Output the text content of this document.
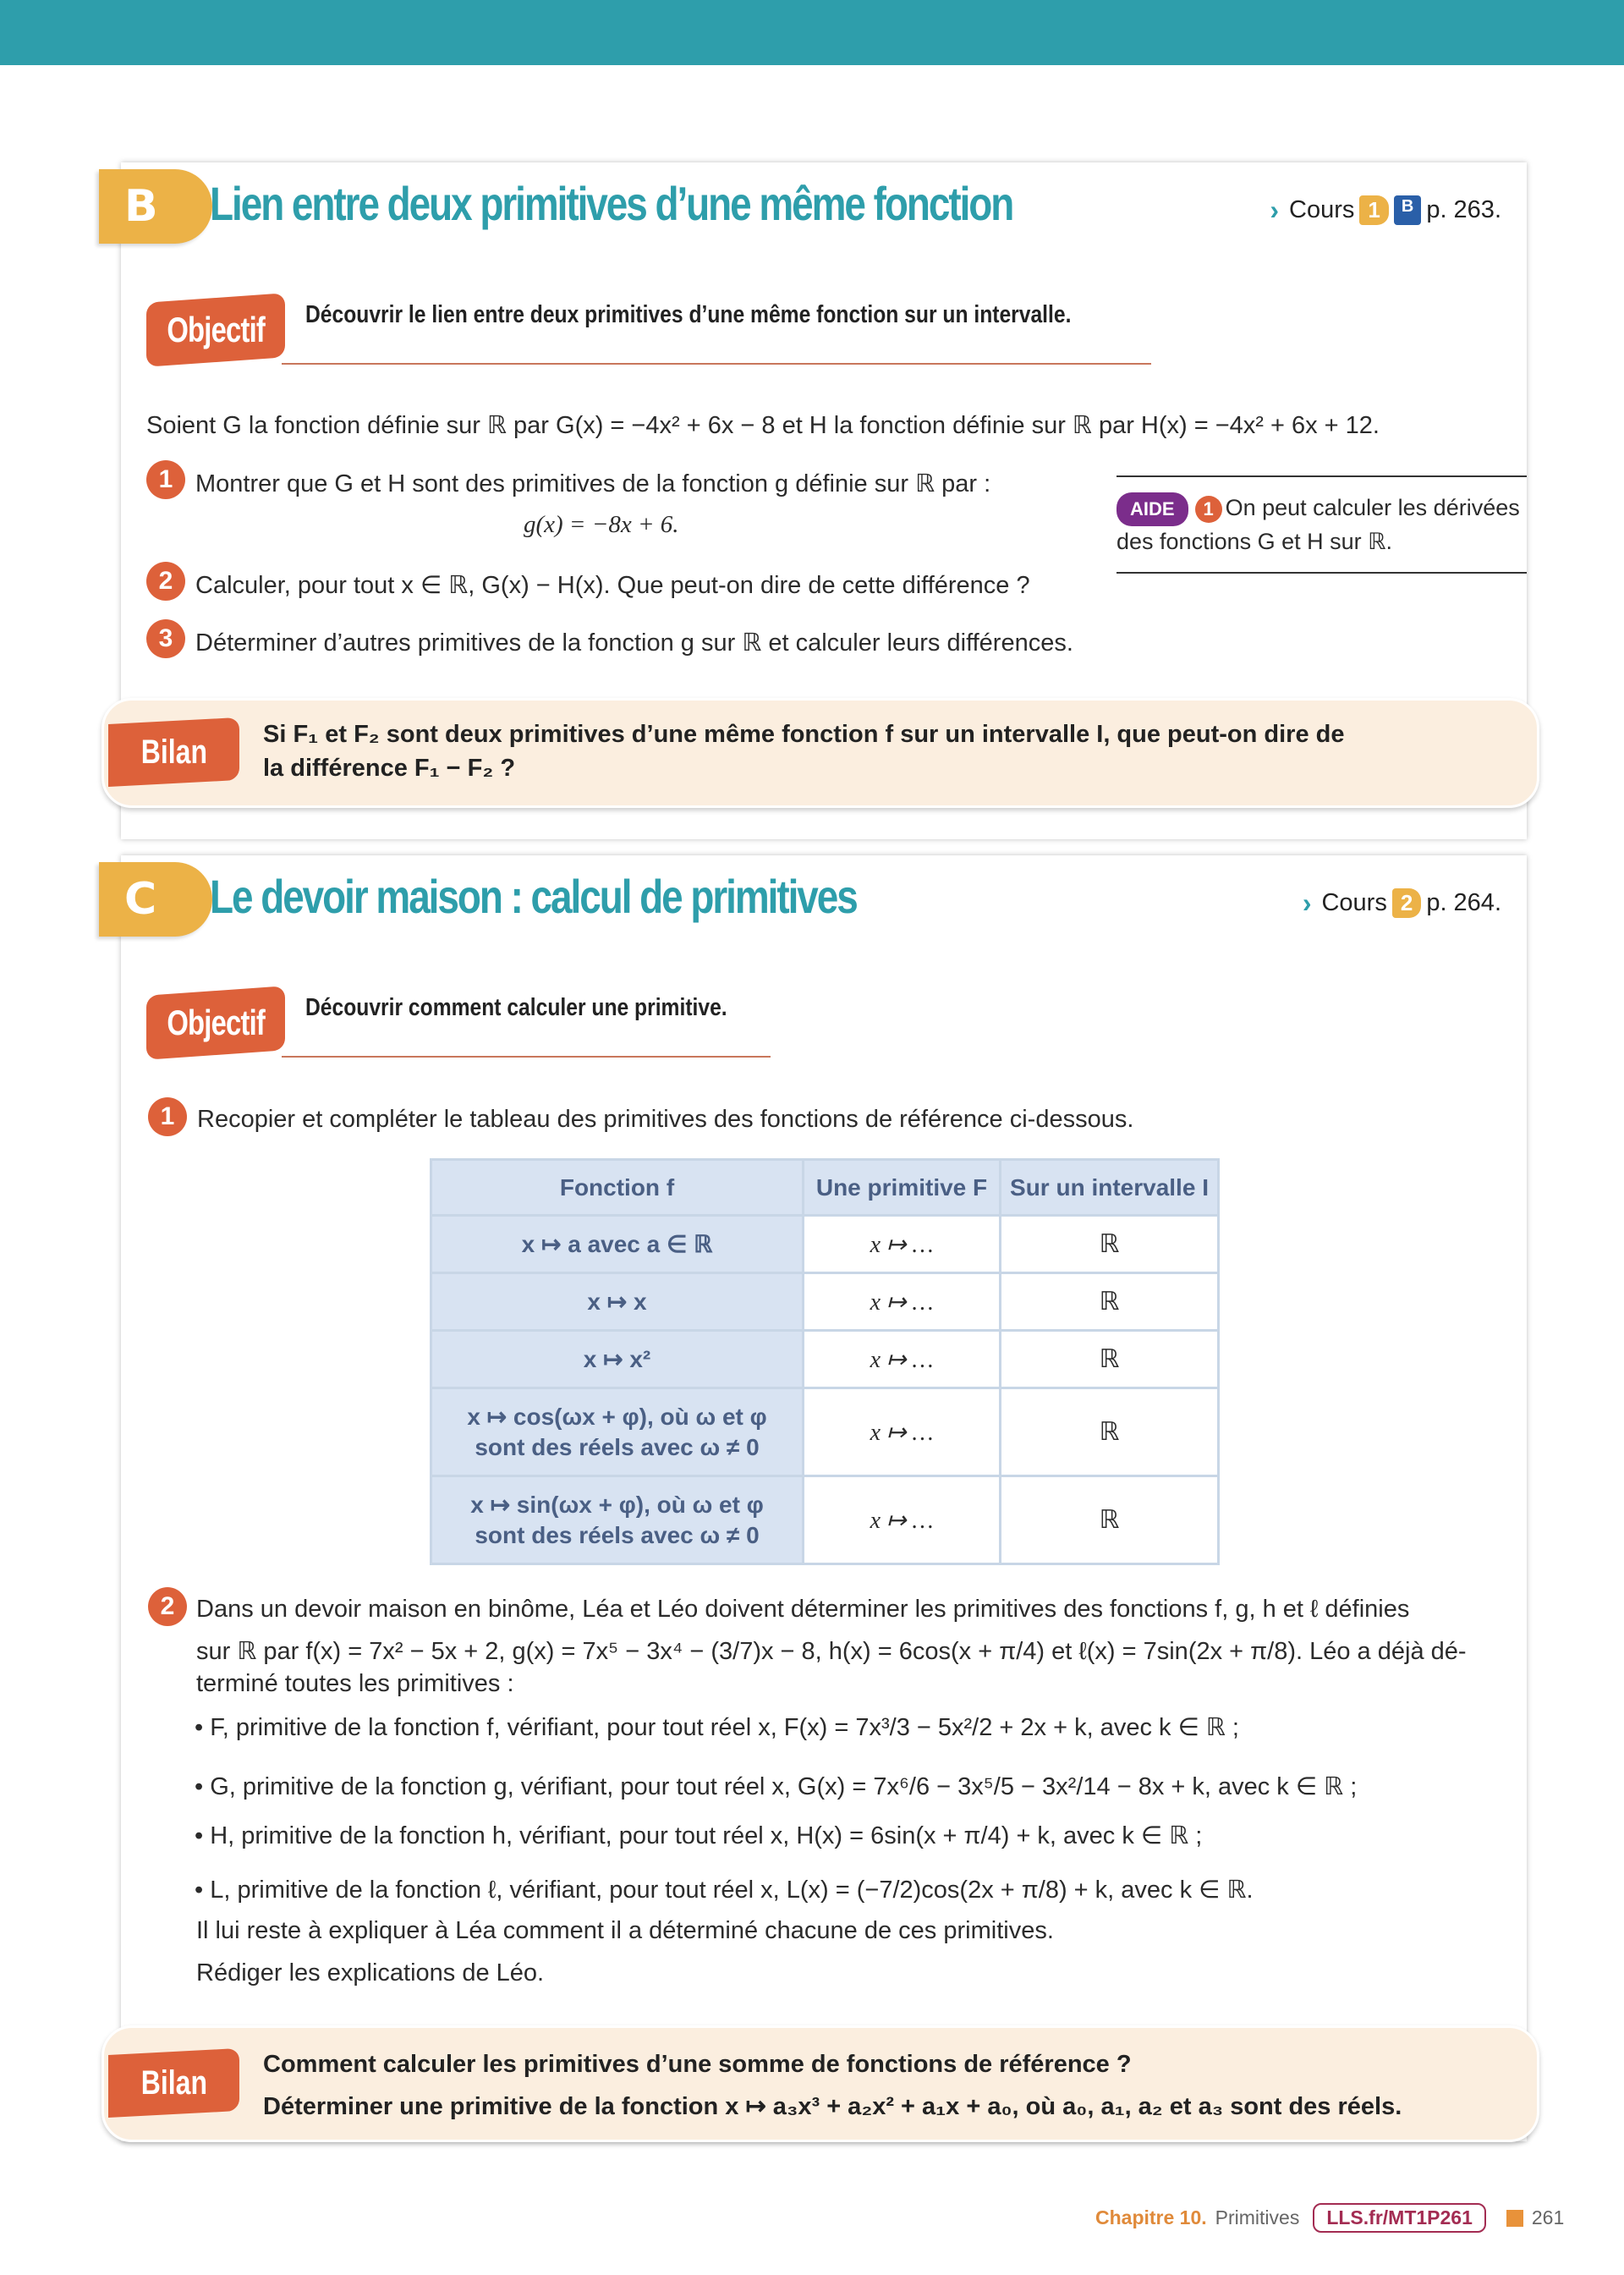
B	Lien entre deux primitives d’une même fonction	› Cours 1	B p. 263.
Objectif Découvrir le lien entre deux primitives d’une même fonction sur un intervalle.
Soient G la fonction définie sur ℝ par G(x) = −4x² + 6x − 8 et H la fonction définie sur ℝ par H(x) = −4x² + 6x + 12.
1 Montrer que G et H sont des primitives de la fonction g définie sur ℝ par :
g(x) = −8x + 6.
2 Calculer, pour tout x ∈ ℝ, G(x) − H(x). Que peut-on dire de cette différence ?
3 Déterminer d’autres primitives de la fonction g sur ℝ et calculer leurs différences.
AIDE 1 On peut calculer les dérivées
des fonctions G et H sur ℝ.
Bilan Si F₁ et F₂ sont deux primitives d’une même fonction f sur un intervalle I, que peut-on dire de
la différence F₁ − F₂ ?
C	Le devoir maison : calcul de primitives	› Cours 2 p. 264.
Objectif Découvrir comment calculer une primitive.
1 Recopier et compléter le tableau des primitives des fonctions de référence ci-dessous.
Fonction f	Une primitive F	Sur un intervalle I
x ↦ a avec a ∈ ℝ	x ↦ …	ℝ
x ↦ x	x ↦ …	ℝ
x ↦ x²	x ↦ …	ℝ

x ↦ cos(ωx + φ), où ω et φ
sont des réels avec ω ≠ 0	x ↦ …	ℝ

x ↦ sin(ωx + φ), où ω et φ
sont des réels avec ω ≠ 0	x ↦ …	ℝ
2 Dans un devoir maison en binôme, Léa et Léo doivent déterminer les primitives des fonctions f, g, h et ℓ définies
sur ℝ par f(x) = 7x² − 5x + 2, g(x) = 7x⁵ − 3x⁴ − (3/7)x − 8, h(x) = 6cos(x + π/4) et ℓ(x) = 7sin(2x + π/8). Léo a déjà dé-
terminé toutes les primitives :
• F, primitive de la fonction f, vérifiant, pour tout réel x, F(x) = 7x³/3 − 5x²/2 + 2x + k, avec k ∈ ℝ ;
• G, primitive de la fonction g, vérifiant, pour tout réel x, G(x) = 7x⁶/6 − 3x⁵/5 − 3x²/14 − 8x + k, avec k ∈ ℝ ;
• H, primitive de la fonction h, vérifiant, pour tout réel x, H(x) = 6sin(x + π/4) + k, avec k ∈ ℝ ;
• L, primitive de la fonction ℓ, vérifiant, pour tout réel x, L(x) = (−7/2)cos(2x + π/8) + k, avec k ∈ ℝ.
Il lui reste à expliquer à Léa comment il a déterminé chacune de ces primitives.
Rédiger les explications de Léo.
Bilan Comment calculer les primitives d’une somme de fonctions de référence ?
Déterminer une primitive de la fonction x ↦ a₃x³ + a₂x² + a₁x + a₀, où a₀, a₁, a₂ et a₃ sont des réels.
Chapitre 10. Primitives	LLS.fr/MT1P261	261
